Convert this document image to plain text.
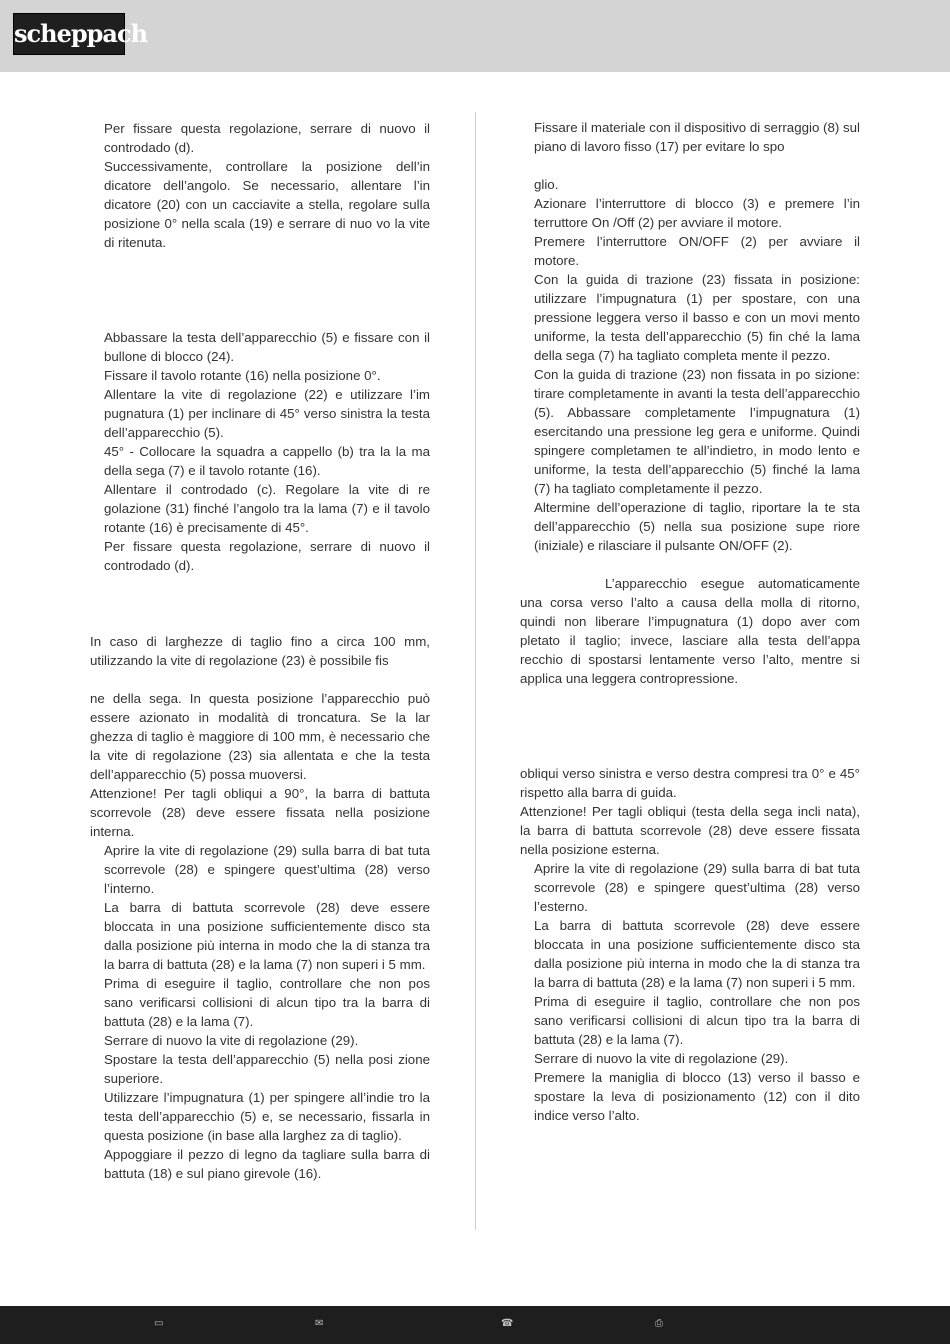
scheppach

Per fissare questa regolazione, serrare di nuovo il controdado (d).

Successivamente, controllare la posizione dell’in dicatore dell’angolo. Se necessario, allentare l’in dicatore (20) con un cacciavite a stella, regolare sulla posizione 0° nella scala (19) e serrare di nuo vo la vite di ritenuta.

Abbassare la testa dell’apparecchio (5) e fissare con il bullone di blocco (24).

Fissare il tavolo rotante (16) nella posizione 0°.

Allentare la vite di regolazione (22) e utilizzare l’im pugnatura (1) per inclinare di 45° verso sinistra la testa dell’apparecchio (5).

45° - Collocare la squadra a cappello (b) tra la la ma della sega (7) e il tavolo rotante (16).

Allentare il controdado (c). Regolare la vite di re golazione (31) finché l’angolo tra la lama (7) e il tavolo rotante (16) è precisamente di 45°.

Per fissare questa regolazione, serrare di nuovo il controdado (d).

In caso di larghezze di taglio fino a circa 100 mm, utilizzando la vite di regolazione (23) è possibile fis

ne della sega. In questa posizione l’apparecchio può essere azionato in modalità di troncatura. Se la lar ghezza di taglio è maggiore di 100 mm, è necessario che la vite di regolazione (23) sia allentata e che la testa dell’apparecchio (5) possa muoversi.

Attenzione! Per tagli obliqui a 90°, la barra di battuta scorrevole (28) deve essere fissata nella posizione interna.

Aprire la vite di regolazione (29) sulla barra di bat tuta scorrevole (28) e spingere quest’ultima (28) verso l’interno.

La barra di battuta scorrevole (28) deve essere bloccata in una posizione sufficientemente disco sta dalla posizione più interna in modo che la di stanza tra la barra di battuta (28) e la lama (7) non superi i 5 mm.

Prima di eseguire il taglio, controllare che non pos sano verificarsi collisioni di alcun tipo tra la barra di battuta (28) e la lama (7).

Serrare di nuovo la vite di regolazione (29).

Spostare la testa dell’apparecchio (5) nella posi zione superiore.

Utilizzare l’impugnatura (1) per spingere all’indie tro la testa dell’apparecchio (5) e, se necessario, fissarla in questa posizione (in base alla larghez za di taglio).

Appoggiare il pezzo di legno da tagliare sulla barra di battuta (18) e sul piano girevole (16).

Fissare il materiale con il dispositivo di serraggio (8) sul piano di lavoro fisso (17) per evitare lo spo

glio.

Azionare l’interruttore di blocco (3) e premere l’in terruttore On /Off (2) per avviare il motore.

Premere l’interruttore ON/OFF (2) per avviare il motore.

Con la guida di trazione (23) fissata in posizione: utilizzare l’impugnatura (1) per spostare, con una pressione leggera verso il basso e con un movi mento uniforme, la testa dell’apparecchio (5) fin ché la lama della sega (7) ha tagliato completa mente il pezzo.

Con la guida di trazione (23) non fissata in po sizione: tirare completamente in avanti la testa dell’apparecchio (5). Abbassare completamente l’impugnatura (1) esercitando una pressione leg gera e uniforme. Quindi spingere completamen te all’indietro, in modo lento e uniforme, la testa dell’apparecchio (5) finché la lama (7) ha tagliato completamente il pezzo.

Altermine dell’operazione di taglio, riportare la te sta dell’apparecchio (5) nella sua posizione supe riore (iniziale) e rilasciare il pulsante ON/OFF (2).

L’apparecchio esegue automaticamente una corsa verso l’alto a causa della molla di ritorno, quindi non liberare l’impugnatura (1) dopo aver com pletato il taglio; invece, lasciare alla testa dell’appa recchio di spostarsi lentamente verso l’alto, mentre si applica una leggera contropressione.

obliqui verso sinistra e verso destra compresi tra 0° e 45° rispetto alla barra di guida.

Attenzione! Per tagli obliqui (testa della sega incli nata), la barra di battuta scorrevole (28) deve essere fissata nella posizione esterna.

Aprire la vite di regolazione (29) sulla barra di bat tuta scorrevole (28) e spingere quest’ultima (28) verso l’esterno.

La barra di battuta scorrevole (28) deve essere bloccata in una posizione sufficientemente disco sta dalla posizione più interna in modo che la di stanza tra la barra di battuta (28) e la lama (7) non superi i 5 mm.

Prima di eseguire il taglio, controllare che non pos sano verificarsi collisioni di alcun tipo tra la barra di battuta (28) e la lama (7).

Serrare di nuovo la vite di regolazione (29).

Premere la maniglia di blocco (13) verso il basso e spostare la leva di posizionamento (12) con il dito indice verso l’alto.

▭	✉	☎	⎙
